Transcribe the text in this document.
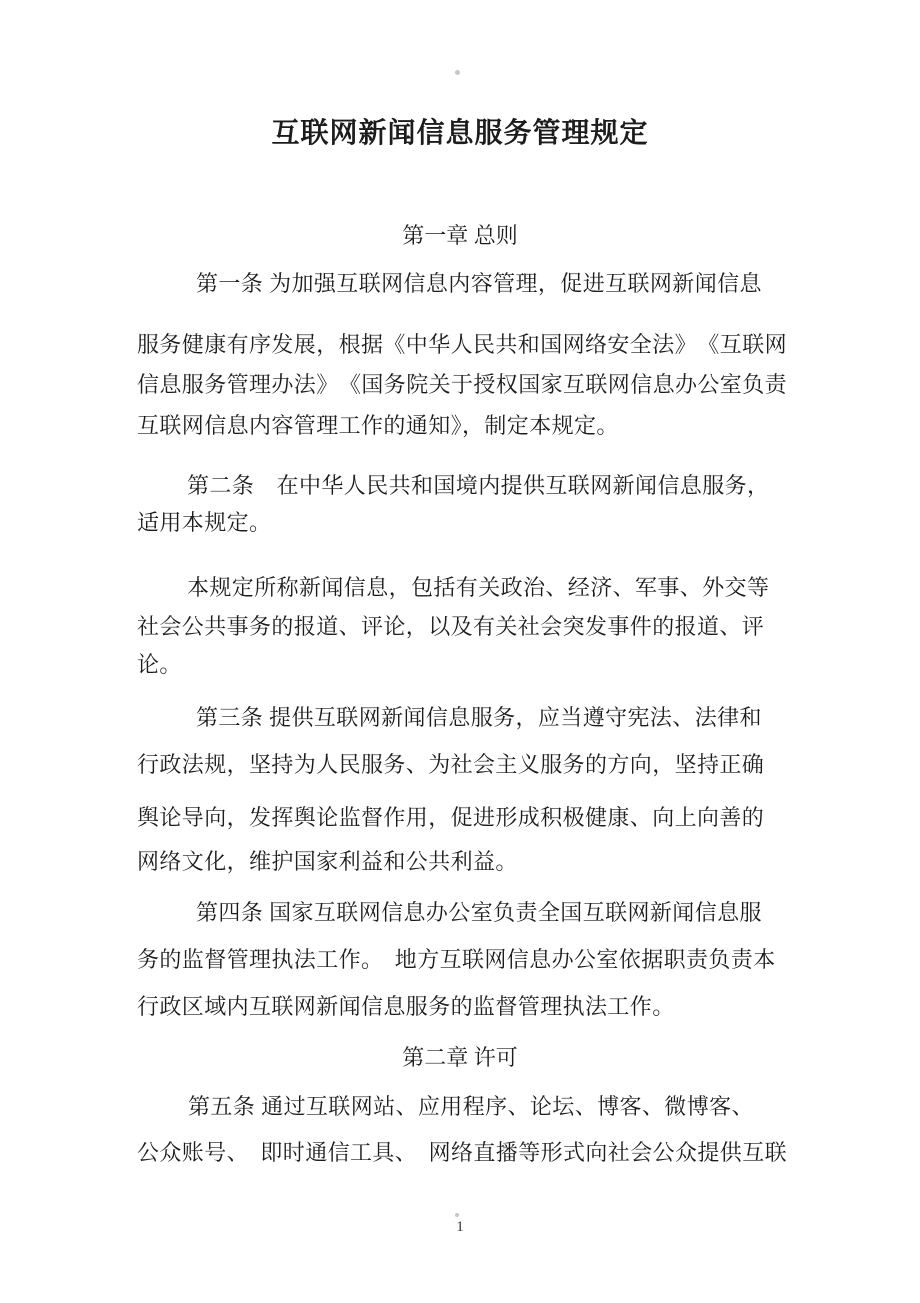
互联网新闻信息服务管理规定
第一章 总则
第一条 为加强互联网信息内容管理，促进互联网新闻信息
服务健康有序发展，根据《中华人民共和国网络安全法》　《互联网
信息服务管理办法》　《国务院关于授权国家互联网信息办公室负责
互联网信息内容管理工作的通知》，制定本规定。
第二条　在中华人民共和国境内提供互联网新闻信息服务，
适用本规定。
本规定所称新闻信息，包括有关政治、经济、军事、外交等
社会公共事务的报道、评论，以及有关社会突发事件的报道、评
论。
第三条 提供互联网新闻信息服务，应当遵守宪法、法律和
行政法规，坚持为人民服务、为社会主义服务的方向，坚持正确
舆论导向，发挥舆论监督作用，促进形成积极健康、向上向善的
网络文化，维护国家利益和公共利益。
第四条 国家互联网信息办公室负责全国互联网新闻信息服
务的监督管理执法工作。　地方互联网信息办公室依据职责负责本
行政区域内互联网新闻信息服务的监督管理执法工作。
第二章 许可
第五条 通过互联网站、应用程序、论坛、博客、微博客、
公众账号、　即时通信工具、　网络直播等形式向社会公众提供互联
1
